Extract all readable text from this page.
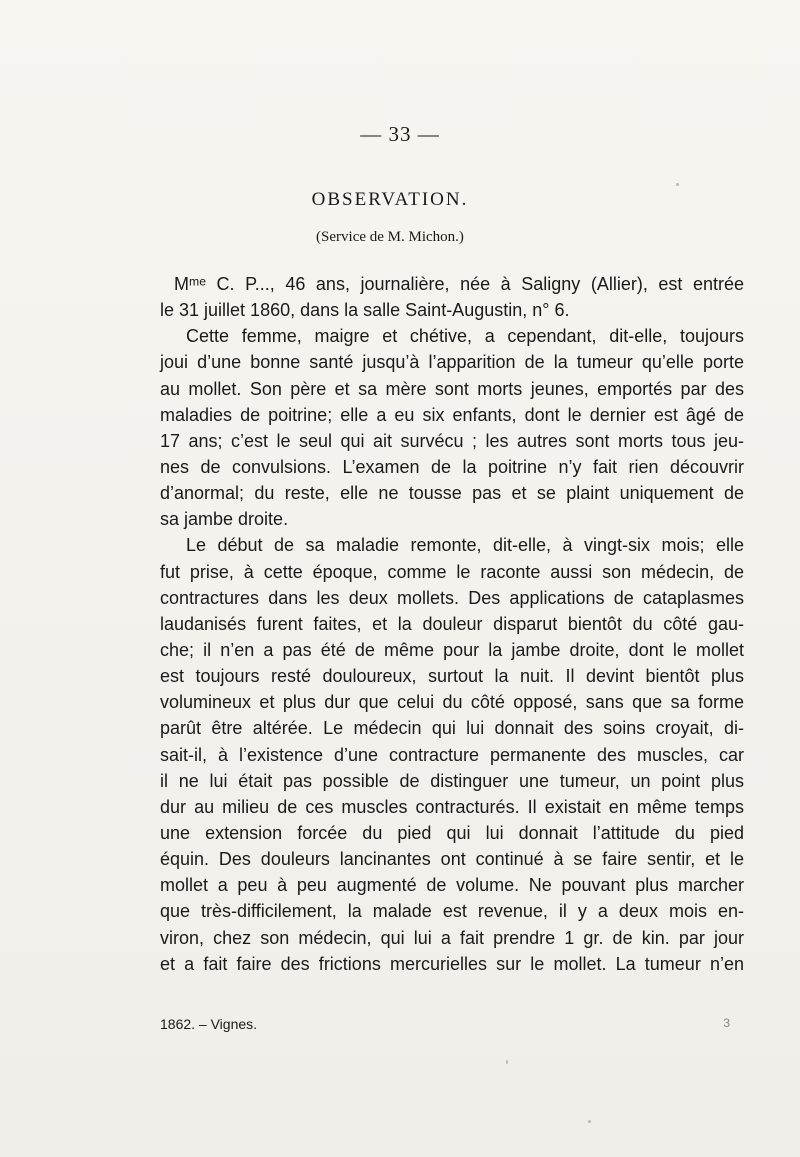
— 33 —
OBSERVATION.
(Service de M. Michon.)
Mᵐᵉ C. P..., 46 ans, journalière, née à Saligny (Allier), est entrée
le 31 juillet 1860, dans la salle Saint-Augustin, n° 6.
Cette femme, maigre et chétive, a cependant, dit-elle, toujours
joui d’une bonne santé jusqu’à l’apparition de la tumeur qu’elle porte
au mollet. Son père et sa mère sont morts jeunes, emportés par des
maladies de poitrine; elle a eu six enfants, dont le dernier est âgé de
17 ans; c’est le seul qui ait survécu ; les autres sont morts tous jeu-
nes de convulsions. L’examen de la poitrine n’y fait rien découvrir
d’anormal; du reste, elle ne tousse pas et se plaint uniquement de
sa jambe droite.
Le début de sa maladie remonte, dit-elle, à vingt-six mois; elle
fut prise, à cette époque, comme le raconte aussi son médecin, de
contractures dans les deux mollets. Des applications de cataplasmes
laudanisés furent faites, et la douleur disparut bientôt du côté gau-
che; il n’en a pas été de même pour la jambe droite, dont le mollet
est toujours resté douloureux, surtout la nuit. Il devint bientôt plus
volumineux et plus dur que celui du côté opposé, sans que sa forme
parût être altérée. Le médecin qui lui donnait des soins croyait, di-
sait-il, à l’existence d’une contracture permanente des muscles, car
il ne lui était pas possible de distinguer une tumeur, un point plus
dur au milieu de ces muscles contracturés. Il existait en même temps
une extension forcée du pied qui lui donnait l’attitude du pied
équin. Des douleurs lancinantes ont continué à se faire sentir, et le
mollet a peu à peu augmenté de volume. Ne pouvant plus marcher
que très-difficilement, la malade est revenue, il y a deux mois en-
viron, chez son médecin, qui lui a fait prendre 1 gr. de kin. par jour
et a fait faire des frictions mercurielles sur le mollet. La tumeur n’en
1862. – Vignes.	3
